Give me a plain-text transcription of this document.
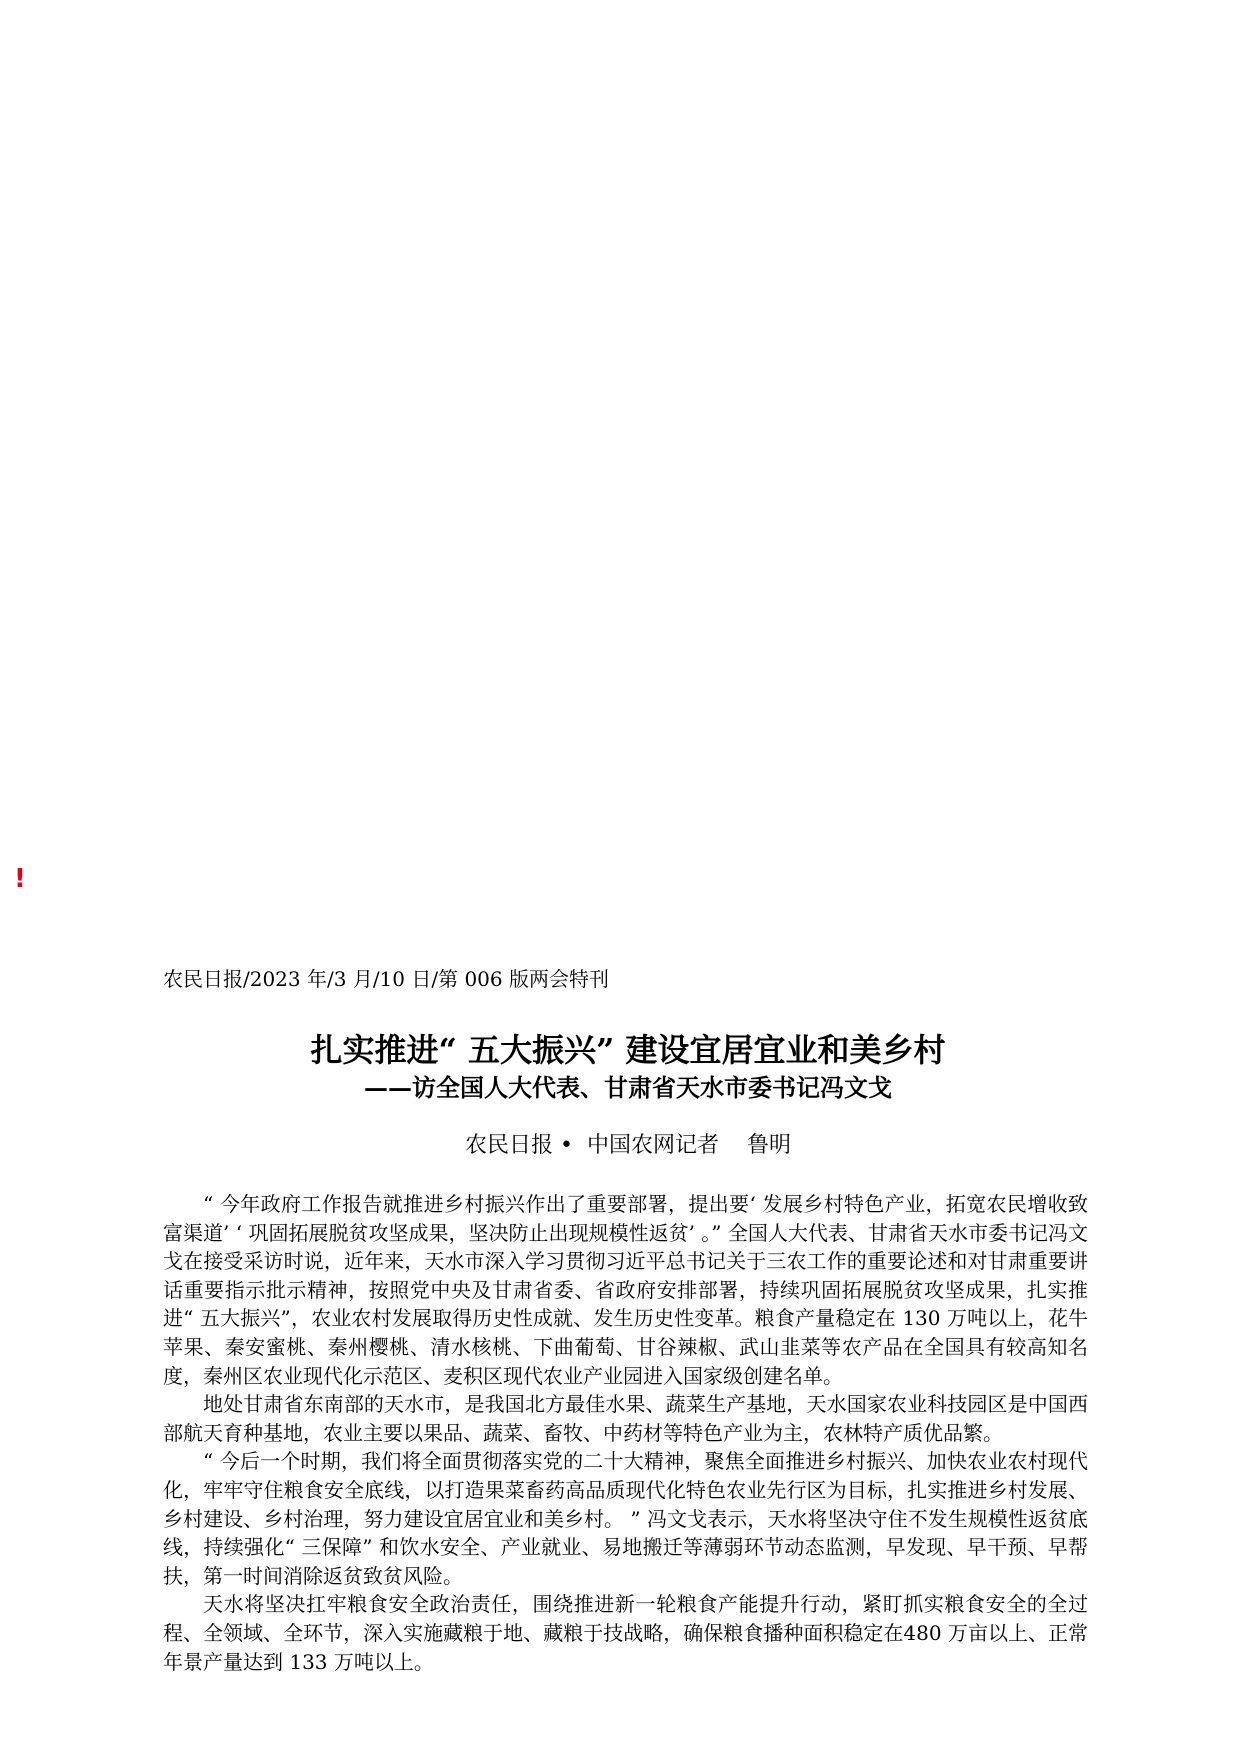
!
农民日报/2023 年/3 月/10 日/第 006 版两会特刊
扎实推进“ 五大振兴” 建设宜居宜业和美乡村
——访全国人大代表、甘肃省天水市委书记冯文戈
农民日报 •  中国农网记者    鲁明

“ 今年政府工作报告就推进乡村振兴作出了重要部署，提出要‘ 发展乡村特色产业，拓宽农民增收致富渠道’ ‘ 巩固拓展脱贫攻坚成果，坚决防止出现规模性返贫’ 。” 全国人大代表、甘肃省天水市委书记冯文戈在接受采访时说，近年来，天水市深入学习贯彻习近平总书记关于三农工作的重要论述和对甘肃重要讲话重要指示批示精神，按照党中央及甘肃省委、省政府安排部署，持续巩固拓展脱贫攻坚成果，扎实推进“ 五大振兴”，农业农村发展取得历史性成就、发生历史性变革。粮食产量稳定在 130 万吨以上，花牛苹果、秦安蜜桃、秦州樱桃、清水核桃、下曲葡萄、甘谷辣椒、武山韭菜等农产品在全国具有较高知名度，秦州区农业现代化示范区、麦积区现代农业产业园进入国家级创建名单。

地处甘肃省东南部的天水市，是我国北方最佳水果、蔬菜生产基地，天水国家农业科技园区是中国西部航天育种基地，农业主要以果品、蔬菜、畜牧、中药材等特色产业为主，农林特产质优品繁。

“ 今后一个时期，我们将全面贯彻落实党的二十大精神，聚焦全面推进乡村振兴、加快农业农村现代化，牢牢守住粮食安全底线，以打造果菜畜药高品质现代化特色农业先行区为目标，扎实推进乡村发展、乡村建设、乡村治理，努力建设宜居宜业和美乡村。 ” 冯文戈表示，天水将坚决守住不发生规模性返贫底线，持续强化“ 三保障” 和饮水安全、产业就业、易地搬迁等薄弱环节动态监测，早发现、早干预、早帮扶，第一时间消除返贫致贫风险。

天水将坚决扛牢粮食安全政治责任，围绕推进新一轮粮食产能提升行动，紧盯抓实粮食安全的全过程、全领域、全环节，深入实施藏粮于地、藏粮于技战略，确保粮食播种面积稳定在480 万亩以上、正常年景产量达到 133 万吨以上。
